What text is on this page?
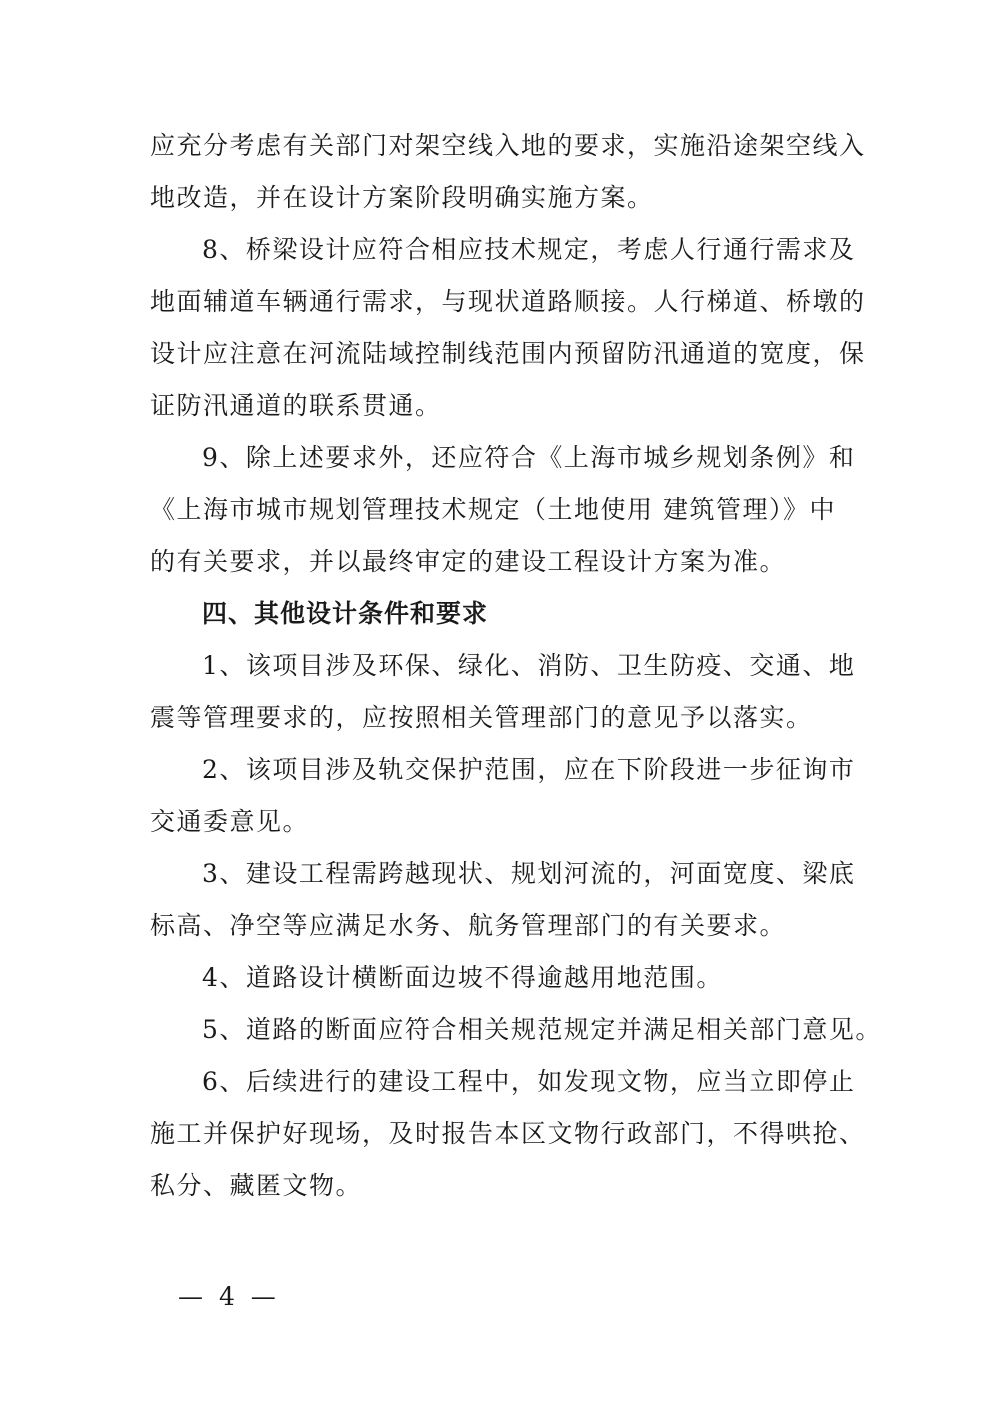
应充分考虑有关部门对架空线入地的要求，实施沿途架空线入
地改造，并在设计方案阶段明确实施方案。
8、桥梁设计应符合相应技术规定，考虑人行通行需求及
地面辅道车辆通行需求，与现状道路顺接。人行梯道、桥墩的
设计应注意在河流陆域控制线范围内预留防汛通道的宽度，保
证防汛通道的联系贯通。
9、除上述要求外，还应符合《上海市城乡规划条例》和
《上海市城市规划管理技术规定（土地使用 建筑管理）》中
的有关要求，并以最终审定的建设工程设计方案为准。
四、其他设计条件和要求
1、该项目涉及环保、绿化、消防、卫生防疫、交通、地
震等管理要求的，应按照相关管理部门的意见予以落实。
2、该项目涉及轨交保护范围，应在下阶段进一步征询市
交通委意见。
3、建设工程需跨越现状、规划河流的，河面宽度、梁底
标高、净空等应满足水务、航务管理部门的有关要求。
4、道路设计横断面边坡不得逾越用地范围。
5、道路的断面应符合相关规范规定并满足相关部门意见。
6、后续进行的建设工程中，如发现文物，应当立即停止
施工并保护好现场，及时报告本区文物行政部门，不得哄抢、
私分、藏匿文物。
— 4 —
